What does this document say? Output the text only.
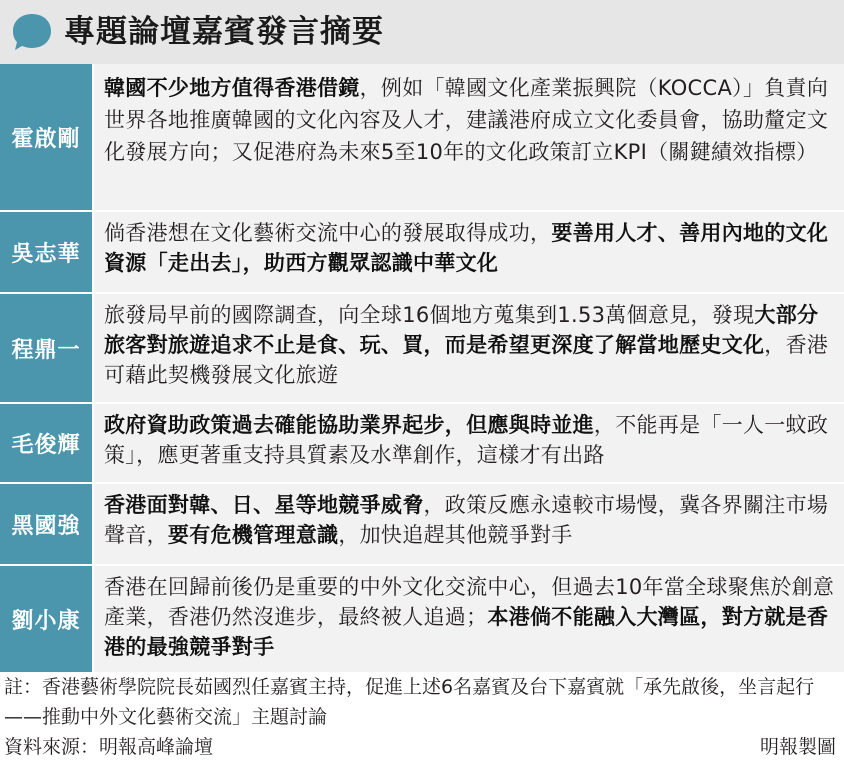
專題論壇嘉賓發言摘要
霍啟剛
韓國不少地方值得香港借鏡，例如「韓國文化產業振興院（KOCCA）」負責向世界各地推廣韓國的文化內容及人才，建議港府成立文化委員會，協助釐定文化發展方向；又促港府為未來5至10年的文化政策訂立KPI（關鍵績效指標）
吳志華
倘香港想在文化藝術交流中心的發展取得成功，要善用人才、善用內地的文化資源「走出去」，助西方觀眾認識中華文化
程鼎一
旅發局早前的國際調查，向全球16個地方蒐集到1.53萬個意見，發現大部分旅客對旅遊追求不止是食、玩、買，而是希望更深度了解當地歷史文化，香港可藉此契機發展文化旅遊
毛俊輝
政府資助政策過去確能協助業界起步，但應與時並進，不能再是「一人一蚊政策」，應更著重支持具質素及水準創作，這樣才有出路
黑國強
香港面對韓、日、星等地競爭威脅，政策反應永遠較市場慢，冀各界關注市場聲音，要有危機管理意識，加快追趕其他競爭對手
劉小康
香港在回歸前後仍是重要的中外文化交流中心，但過去10年當全球聚焦於創意產業，香港仍然沒進步，最終被人追過；本港倘不能融入大灣區，對方就是香港的最強競爭對手
註：香港藝術學院院長茹國烈任嘉賓主持，促進上述6名嘉賓及台下嘉賓就「承先啟後，坐言起行——推動中外文化藝術交流」主題討論
資料來源：明報高峰論壇	明報製圖
